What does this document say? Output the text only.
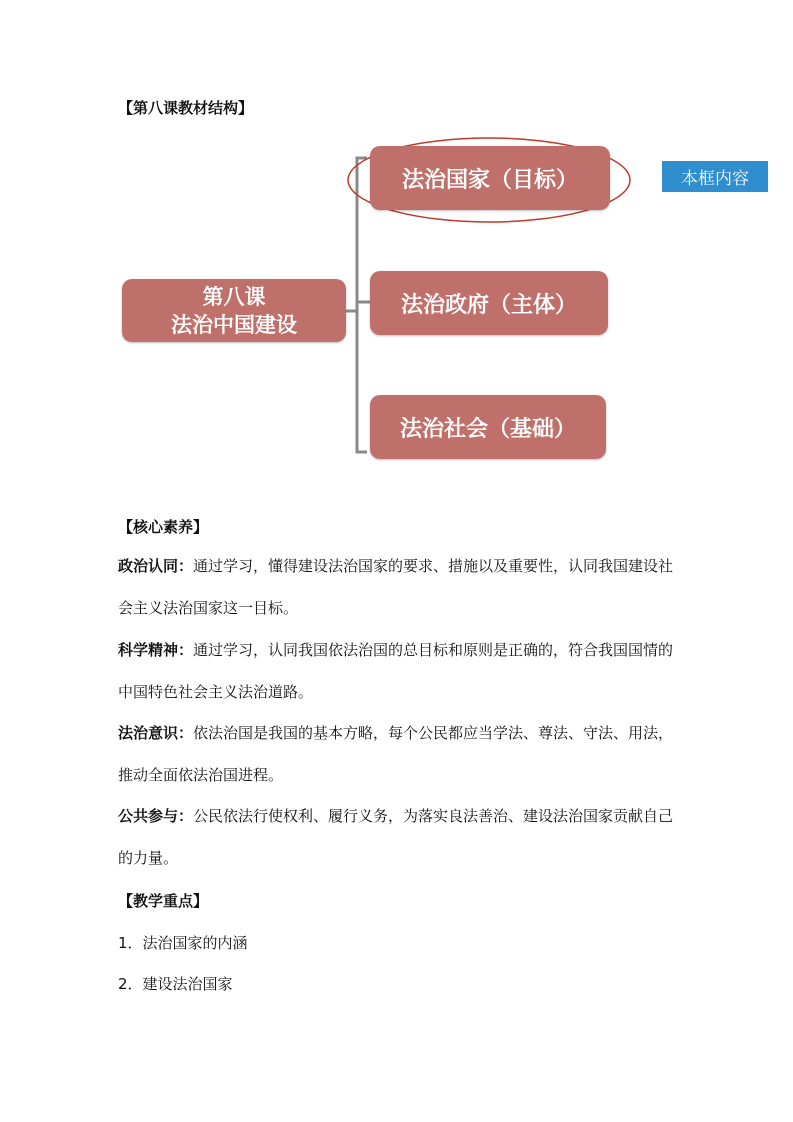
【第八课教材结构】
第八课
法治中国建设
法治国家（目标）
法治政府（主体）
法治社会（基础）
本框内容
【核心素养】
政治认同：通过学习，懂得建设法治国家的要求、措施以及重要性，认同我国建设社会主义法治国家这一目标。
科学精神：通过学习，认同我国依法治国的总目标和原则是正确的，符合我国国情的中国特色社会主义法治道路。
法治意识：依法治国是我国的基本方略，每个公民都应当学法、尊法、守法、用法，推动全面依法治国进程。
公共参与：公民依法行使权利、履行义务，为落实良法善治、建设法治国家贡献自己的力量。
【教学重点】
1．法治国家的内涵
2．建设法治国家
